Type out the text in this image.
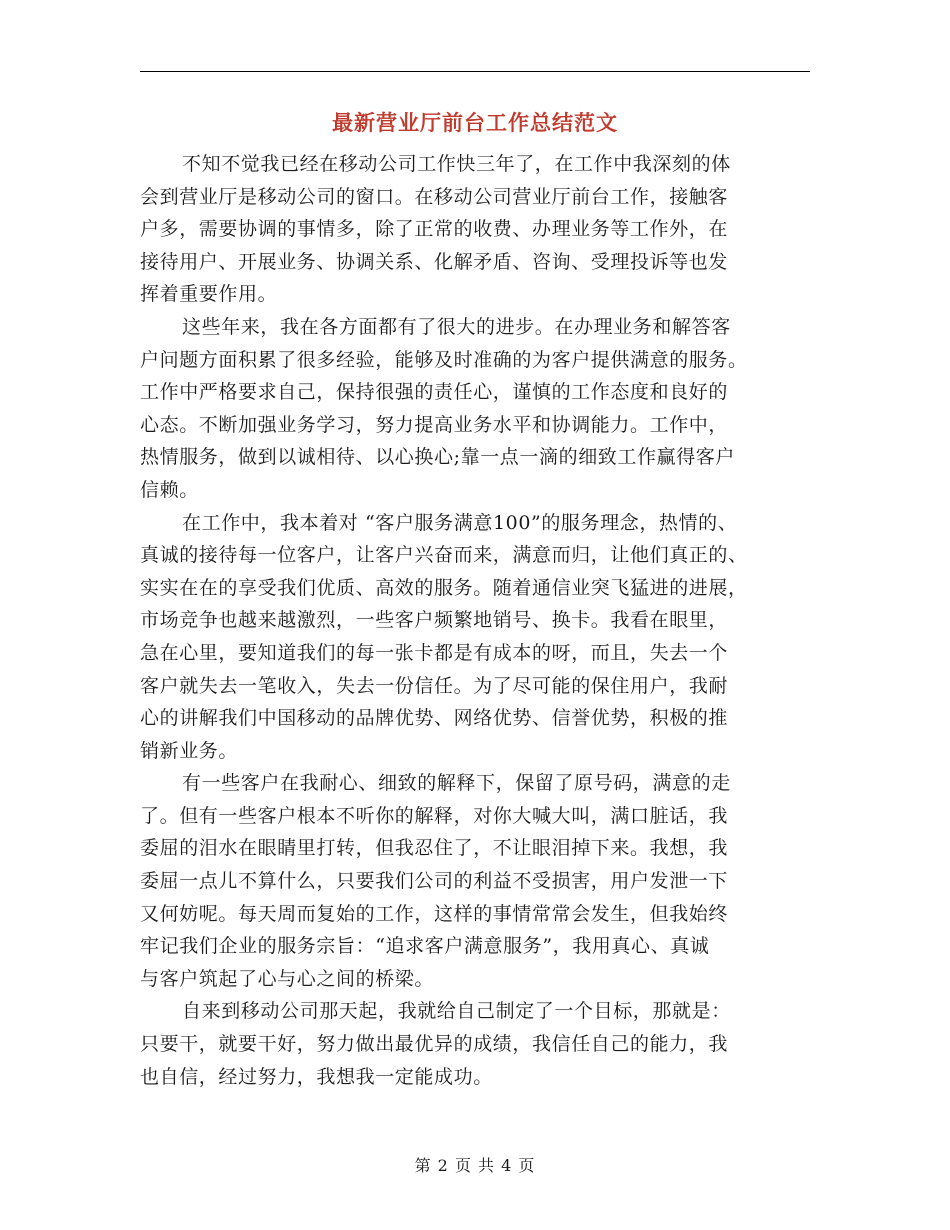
最新营业厅前台工作总结范文
不知不觉我已经在移动公司工作快三年了，在工作中我深刻的体
会到营业厅是移动公司的窗口。在移动公司营业厅前台工作，接触客
户多，需要协调的事情多，除了正常的收费、办理业务等工作外，在
接待用户、开展业务、协调关系、化解矛盾、咨询、受理投诉等也发
挥着重要作用。
这些年来，我在各方面都有了很大的进步。在办理业务和解答客
户问题方面积累了很多经验，能够及时准确的为客户提供满意的服务。
工作中严格要求自己，保持很强的责任心，谨慎的工作态度和良好的
心态。不断加强业务学习，努力提高业务水平和协调能力。工作中，
热情服务，做到以诚相待、以心换心;靠一点一滴的细致工作赢得客户
信赖。
在工作中，我本着对 “客户服务满意100”的服务理念，热情的、
真诚的接待每一位客户，让客户兴奋而来，满意而归，让他们真正的、
实实在在的享受我们优质、高效的服务。随着通信业突飞猛进的进展，
市场竞争也越来越激烈，一些客户频繁地销号、换卡。我看在眼里，
急在心里，要知道我们的每一张卡都是有成本的呀，而且，失去一个
客户就失去一笔收入，失去一份信任。为了尽可能的保住用户，我耐
心的讲解我们中国移动的品牌优势、网络优势、信誉优势，积极的推
销新业务。
有一些客户在我耐心、细致的解释下，保留了原号码，满意的走
了。但有一些客户根本不听你的解释，对你大喊大叫，满口脏话，我
委屈的泪水在眼睛里打转，但我忍住了，不让眼泪掉下来。我想，我
委屈一点儿不算什么，只要我们公司的利益不受损害，用户发泄一下
又何妨呢。每天周而复始的工作，这样的事情常常会发生，但我始终
牢记我们企业的服务宗旨：“追求客户满意服务”，我用真心、真诚
与客户筑起了心与心之间的桥梁。
自来到移动公司那天起，我就给自己制定了一个目标，那就是：
只要干，就要干好，努力做出最优异的成绩，我信任自己的能力，我
也自信，经过努力，我想我一定能成功。
第 2 页 共 4 页
